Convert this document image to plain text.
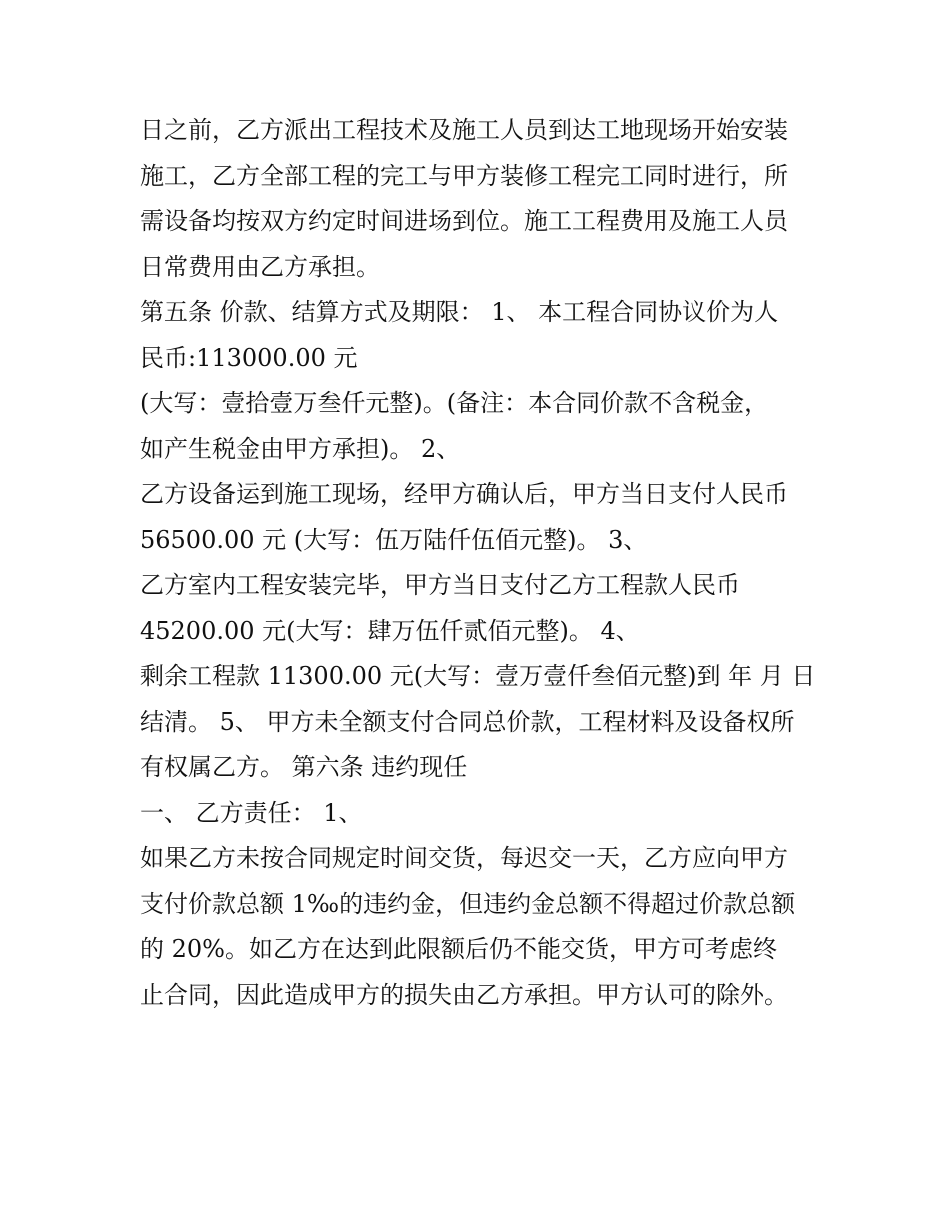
日之前，乙方派出工程技术及施工人员到达工地现场开始安装
施工，乙方全部工程的完工与甲方装修工程完工同时进行，所
需设备均按双方约定时间进场到位。施工工程费用及施工人员
日常费用由乙方承担。
第五条 价款、结算方式及期限： 1、 本工程合同协议价为人
民币:113000.00 元
(大写：壹拾壹万叁仟元整)。(备注：本合同价款不含税金，
如产生税金由甲方承担)。 2、
乙方设备运到施工现场，经甲方确认后，甲方当日支付人民币
56500.00 元 (大写：伍万陆仟伍佰元整)。 3、
乙方室内工程安装完毕，甲方当日支付乙方工程款人民币
45200.00 元(大写：肆万伍仟贰佰元整)。 4、
剩余工程款 11300.00 元(大写：壹万壹仟叁佰元整)到 年 月 日
结清。 5、 甲方未全额支付合同总价款，工程材料及设备权所
有权属乙方。 第六条 违约现任
一、 乙方责任： 1、
如果乙方未按合同规定时间交货，每迟交一天，乙方应向甲方
支付价款总额 1‰的违约金，但违约金总额不得超过价款总额
的 20%。如乙方在达到此限额后仍不能交货，甲方可考虑终
止合同，因此造成甲方的损失由乙方承担。甲方认可的除外。
